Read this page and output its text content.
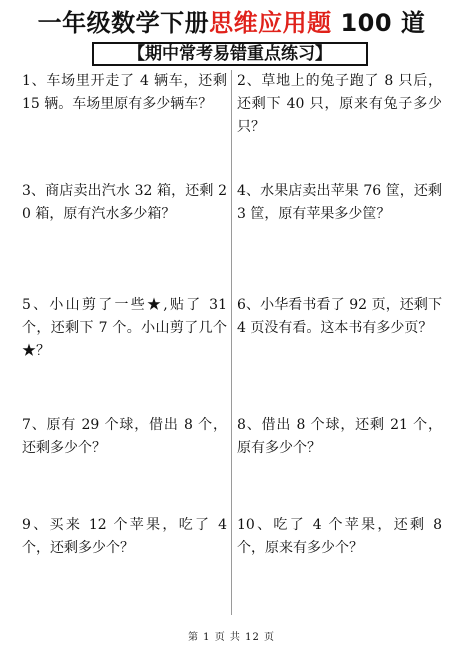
一年级数学下册思维应用题 100 道
【期中常考易错重点练习】
1、车场里开走了 4 辆车，还剩 15 辆。车场里原有多少辆车？
2、草地上的兔子跑了 8 只后，还剩下 40 只，原来有兔子多少只？
3、商店卖出汽水 32 箱，还剩 20 箱，原有汽水多少箱？
4、水果店卖出苹果 76 筐，还剩 3 筐，原有苹果多少筐？
5、小山剪了一些★,贴了 31 个，还剩下 7 个。小山剪了几个★？
6、小华看书看了 92 页，还剩下 4 页没有看。这本书有多少页？
7、原有 29 个球，借出 8 个，还剩多少个？
8、借出 8 个球，还剩 21 个，原有多少个？
9、买来 12 个苹果，吃了 4 个，还剩多少个？
10、吃了 4 个苹果，还剩 8 个，原来有多少个？
第 1 页 共 12 页
